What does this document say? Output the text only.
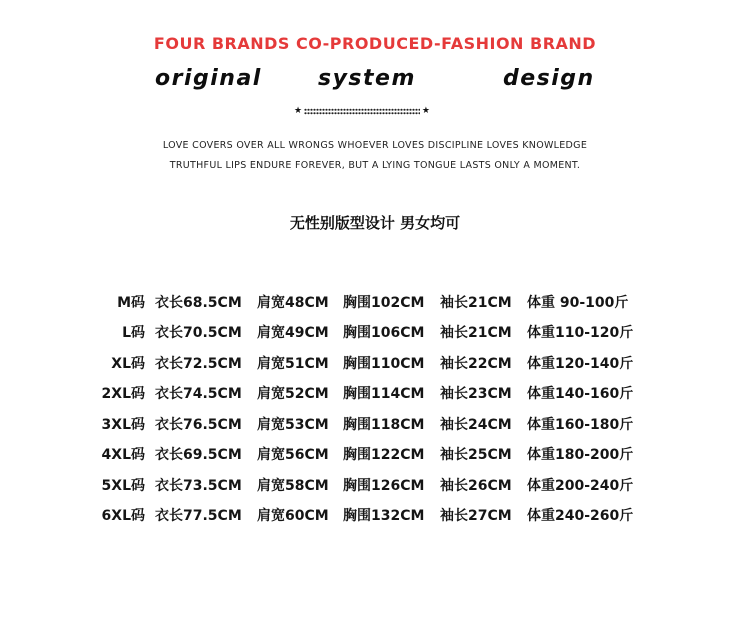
FOUR BRANDS CO-PRODUCED-FASHION BRAND
original	system	design
★	★
LOVE COVERS OVER ALL WRONGS WHOEVER LOVES DISCIPLINE LOVES KNOWLEDGE
TRUTHFUL LIPS ENDURE FOREVER, BUT A LYING TONGUE LASTS ONLY A MOMENT.
无性别版型设计 男女均可
M码 衣长68.5CM 肩宽48CM 胸围102CM 袖长21CM 体重 90-100斤
L码 衣长70.5CM 肩宽49CM 胸围106CM 袖长21CM 体重110-120斤
XL码 衣长72.5CM 肩宽51CM 胸围110CM 袖长22CM 体重120-140斤
2XL码 衣长74.5CM 肩宽52CM 胸围114CM 袖长23CM 体重140-160斤
3XL码 衣长76.5CM 肩宽53CM 胸围118CM 袖长24CM 体重160-180斤
4XL码 衣长69.5CM 肩宽56CM 胸围122CM 袖长25CM 体重180-200斤
5XL码 衣长73.5CM 肩宽58CM 胸围126CM 袖长26CM 体重200-240斤
6XL码 衣长77.5CM 肩宽60CM 胸围132CM 袖长27CM 体重240-260斤
